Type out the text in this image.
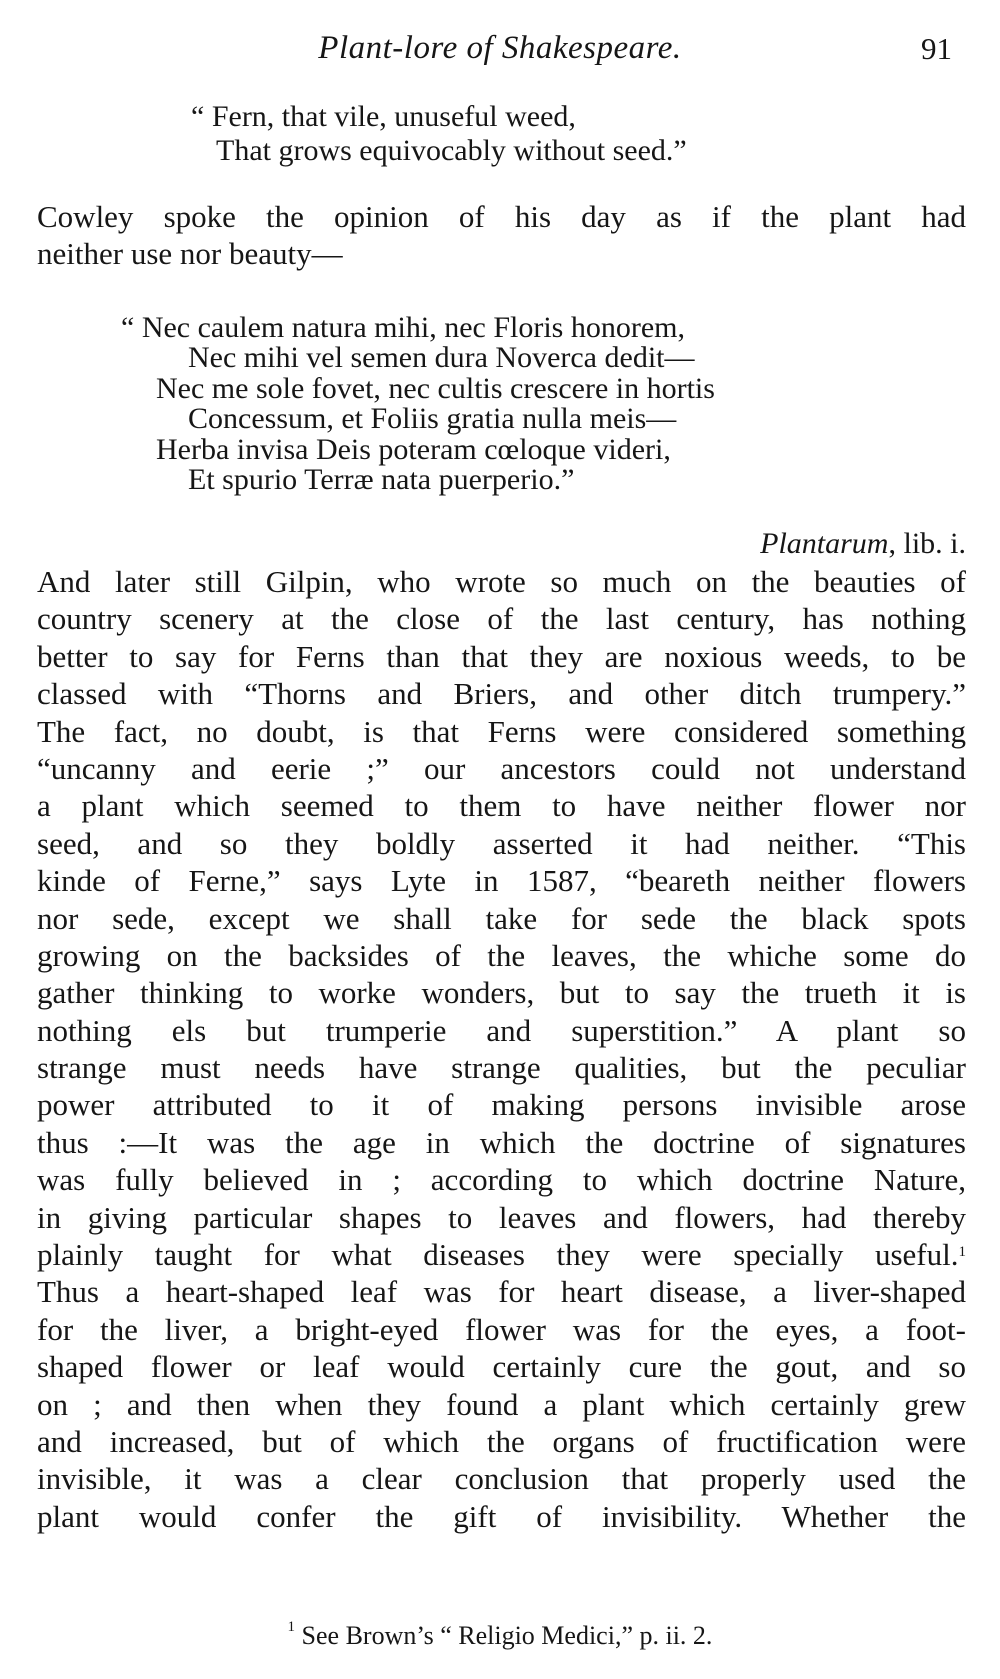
Plant-lore of Shakespeare.	91
“ Fern, that vile, unuseful weed,
That grows equivocably without seed.”
Cowley spoke the opinion of his day as if the plant had
neither use nor beauty—
“ Nec caulem natura mihi, nec Floris honorem,
Nec mihi vel semen dura Noverca dedit—
Nec me sole fovet, nec cultis crescere in hortis
Concessum, et Foliis gratia nulla meis—
Herba invisa Deis poteram cœloque videri,
Et spurio Terræ nata puerperio.”
Plantarum, lib. i.
And later still Gilpin, who wrote so much on the beauties of
country scenery at the close of the last century, has nothing
better to say for Ferns than that they are noxious weeds, to be
classed with “Thorns and Briers, and other ditch trumpery.”
The fact, no doubt, is that Ferns were considered something
“uncanny and eerie ;” our ancestors could not understand
a plant which seemed to them to have neither flower nor
seed, and so they boldly asserted it had neither. “This
kinde of Ferne,” says Lyte in 1587, “beareth neither flowers
nor sede, except we shall take for sede the black spots
growing on the backsides of the leaves, the whiche some do
gather thinking to worke wonders, but to say the trueth it is
nothing els but trumperie and superstition.” A plant so
strange must needs have strange qualities, but the peculiar
power attributed to it of making persons invisible arose
thus :—It was the age in which the doctrine of signatures
was fully believed in ; according to which doctrine Nature,
in giving particular shapes to leaves and flowers, had thereby
plainly taught for what diseases they were specially useful.$^1$
Thus a heart-shaped leaf was for heart disease, a liver-shaped
for the liver, a bright-eyed flower was for the eyes, a foot-
shaped flower or leaf would certainly cure the gout, and so
on ; and then when they found a plant which certainly grew
and increased, but of which the organs of fructification were
invisible, it was a clear conclusion that properly used the
plant would confer the gift of invisibility. Whether the
$^1$ See Brown’s “ Religio Medici,” p. ii. 2.
